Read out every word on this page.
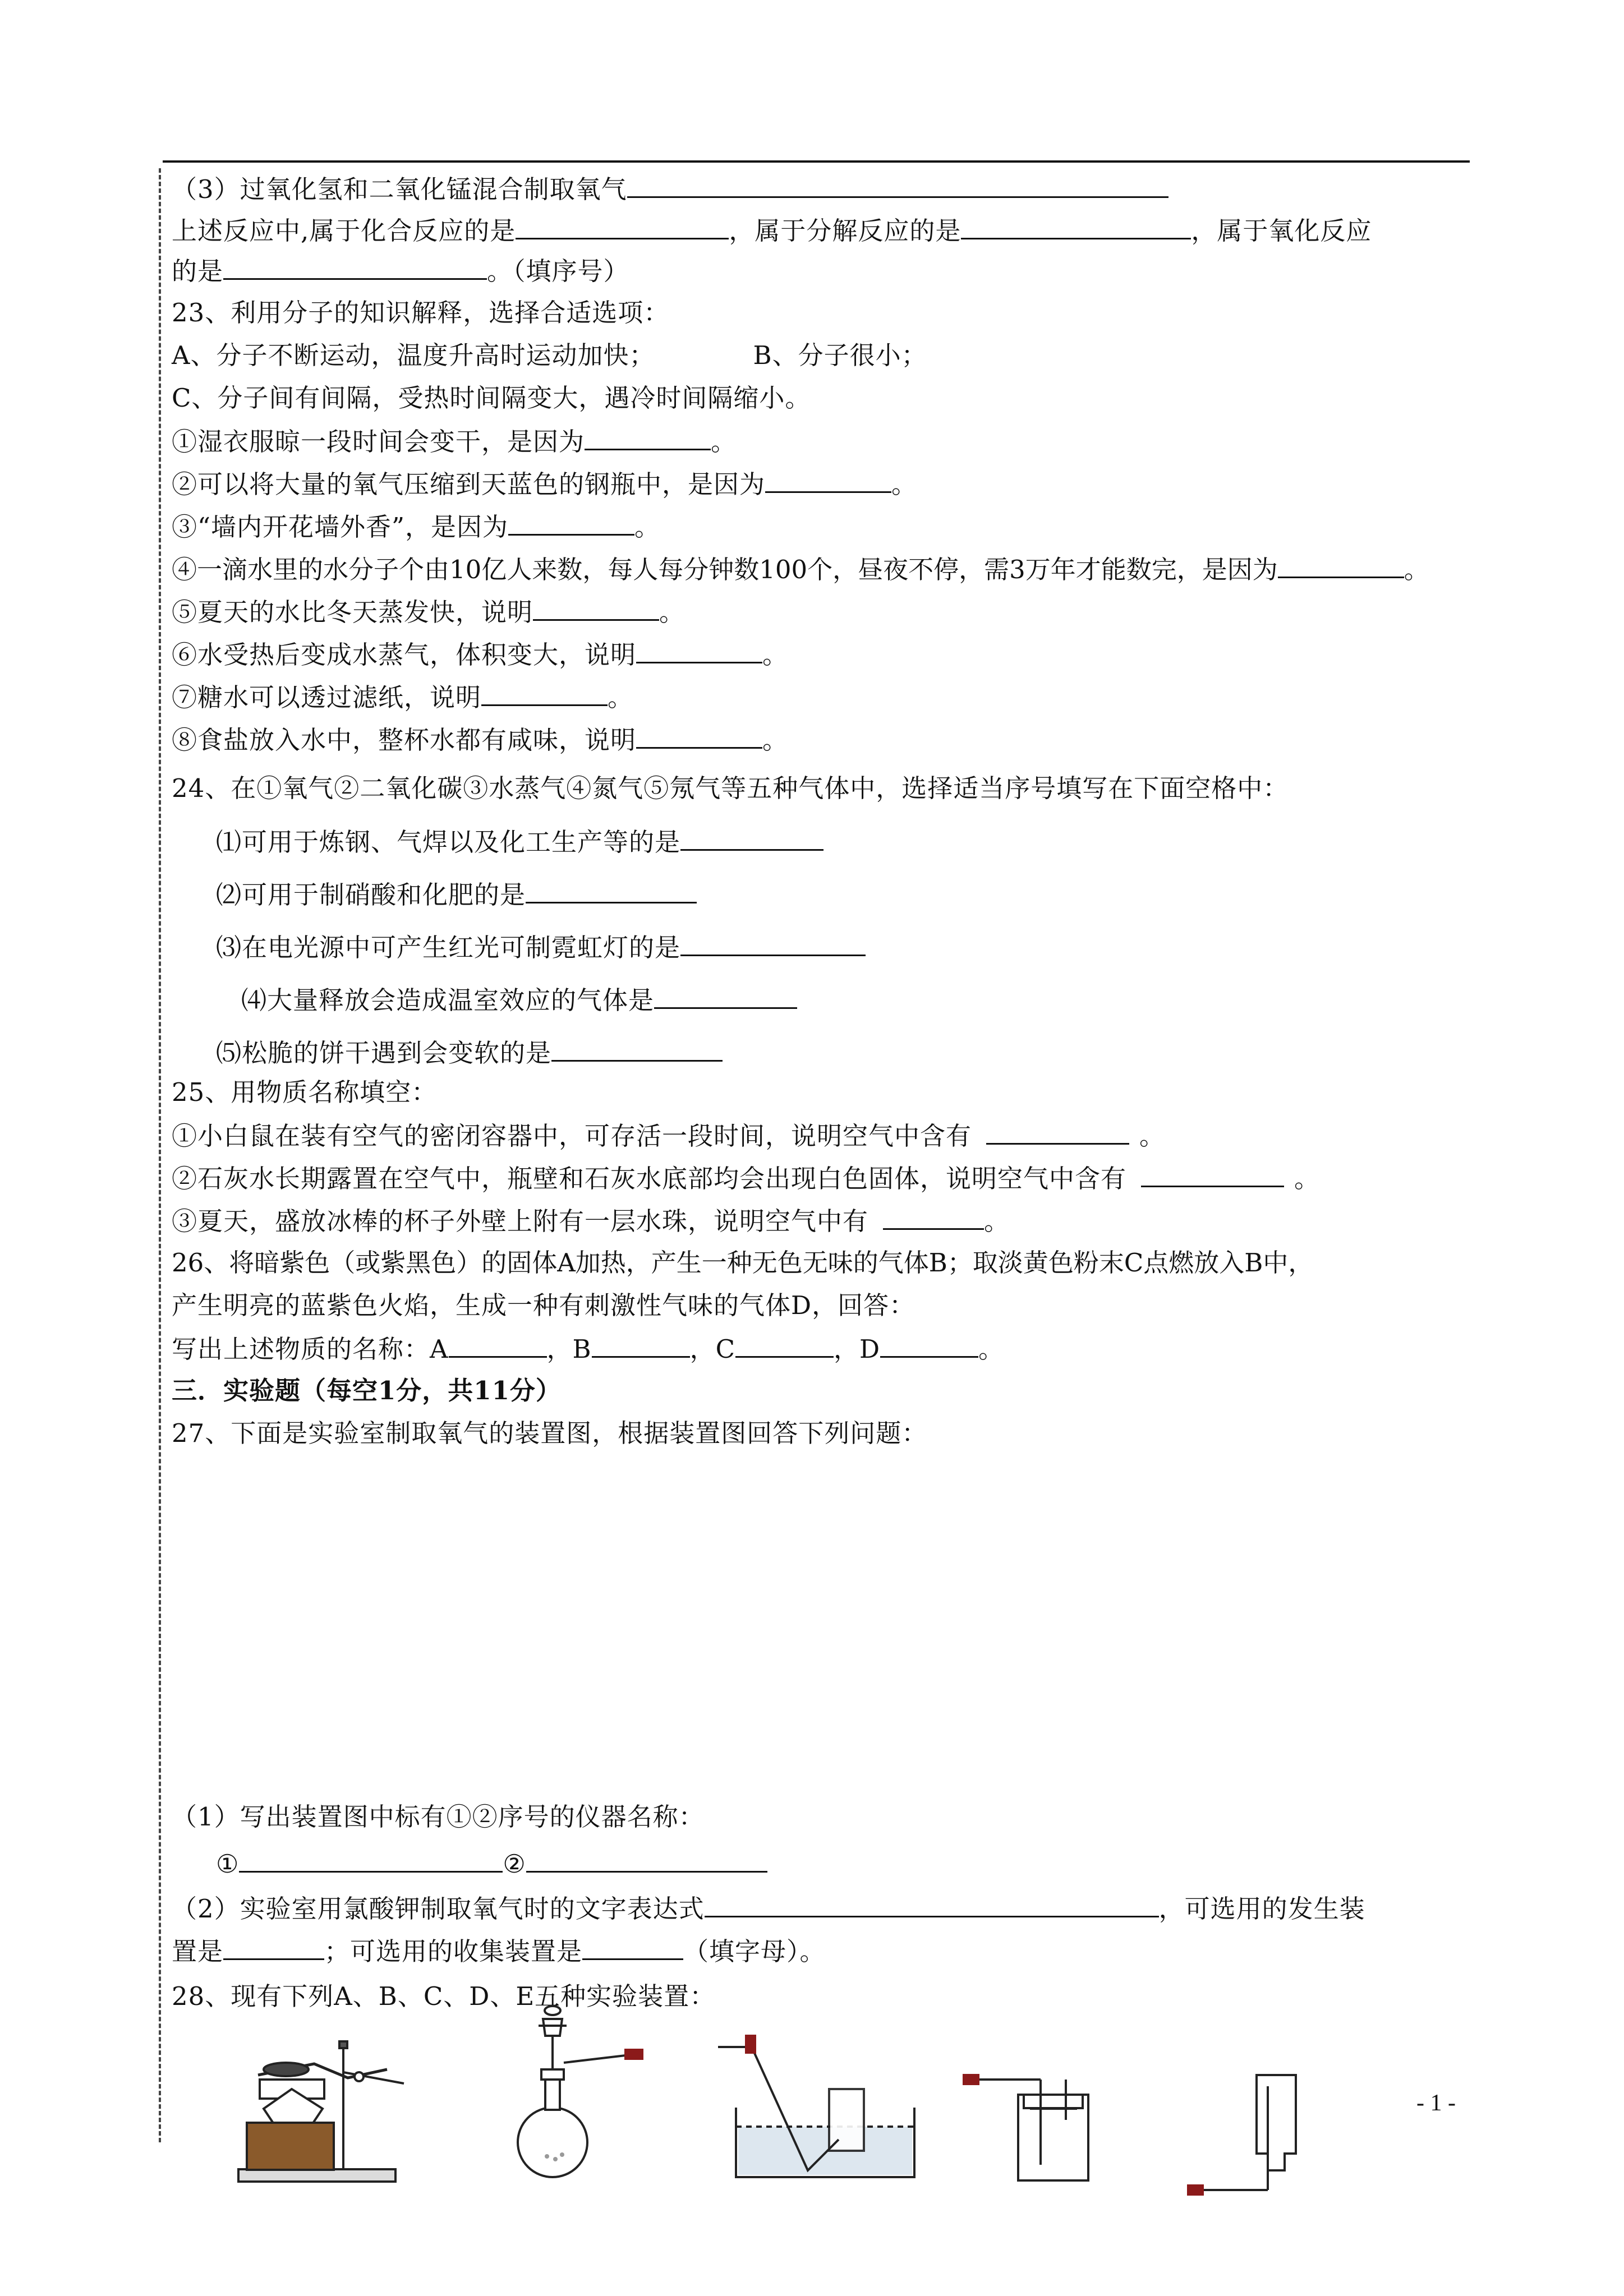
（3）过氧化氢和二氧化锰混合制取氧气
上述反应中,属于化合反应的是	，属于分解反应的是	，属于氧化反应
的是	。（填序号）
23、利用分子的知识解释，选择合适选项：
A、分子不断运动，温度升高时运动加快；	B、分子很小；
C、分子间有间隔，受热时间隔变大，遇冷时间隔缩小。
①湿衣服晾一段时间会变干，是因为	。
②可以将大量的氧气压缩到天蓝色的钢瓶中，是因为	。
③“墙内开花墙外香”，是因为	。
④一滴水里的水分子个由10亿人来数，每人每分钟数100个，昼夜不停，需3万年才能数完，是因为	。
⑤夏天的水比冬天蒸发快，说明	。
⑥水受热后变成水蒸气，体积变大，说明	。
⑦糖水可以透过滤纸，说明	。
⑧食盐放入水中，整杯水都有咸味，说明	。
24、在①氧气②二氧化碳③水蒸气④氮气⑤氖气等五种气体中，选择适当序号填写在下面空格中：
⑴可用于炼钢、气焊以及化工生产等的是
⑵可用于制硝酸和化肥的是
⑶在电光源中可产生红光可制霓虹灯的是
⑷大量释放会造成温室效应的气体是
⑸松脆的饼干遇到会变软的是
25、用物质名称填空：
①小白鼠在装有空气的密闭容器中，可存活一段时间，说明空气中含有	。
②石灰水长期露置在空气中，瓶壁和石灰水底部均会出现白色固体，说明空气中含有	。
③夏天，盛放冰棒的杯子外壁上附有一层水珠，说明空气中有	。
26、将暗紫色（或紫黑色）的固体A加热，产生一种无色无味的气体B；取淡黄色粉末C点燃放入B中，
产生明亮的蓝紫色火焰，生成一种有刺激性气味的气体D，回答：
写出上述物质的名称：A	，B	，C	，D	。
三．实验题（每空1分，共11分）
27、下面是实验室制取氧气的装置图，根据装置图回答下列问题：
（1）写出装置图中标有①②序号的仪器名称：
①	②
（2）实验室用氯酸钾制取氧气时的文字表达式	，可选用的发生装
置是	；可选用的收集装置是	（填字母）。
28、现有下列A、B、C、D、E五种实验装置：
- 1 -
